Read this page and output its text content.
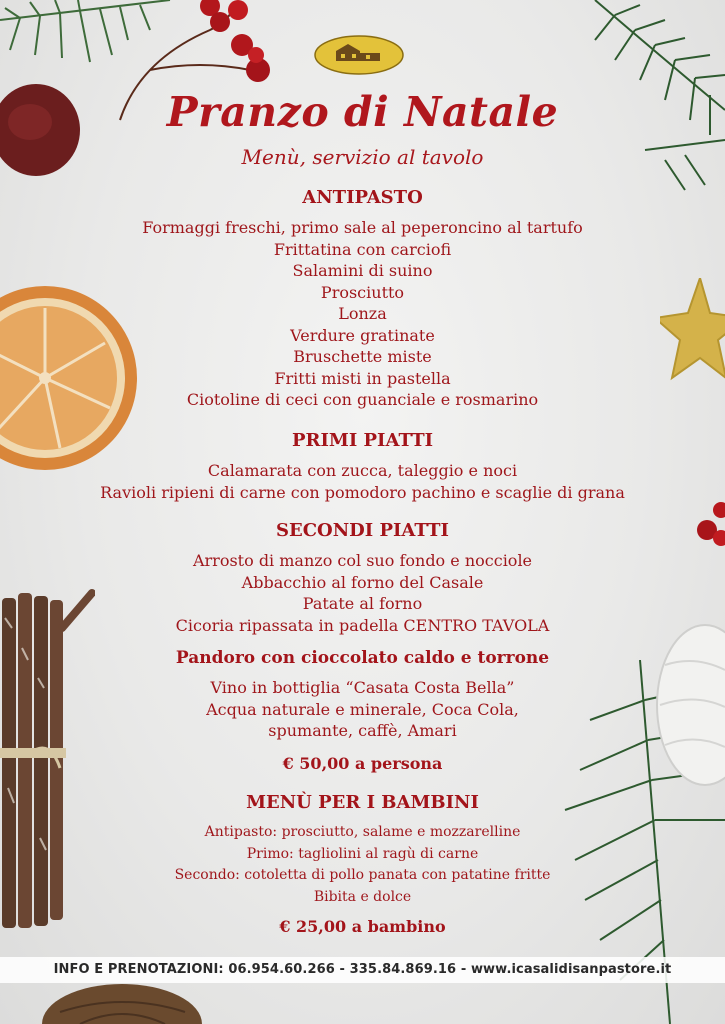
Pranzo di Natale
Menù, servizio al tavolo
ANTIPASTO
Formaggi freschi, primo sale al peperoncino al tartufo
Frittatina con carciofi
Salamini di suino
Prosciutto
Lonza
Verdure gratinate
Bruschette miste
Fritti misti in pastella
Ciotoline di ceci con guanciale e rosmarino
PRIMI PIATTI
Calamarata con zucca, taleggio e noci
Ravioli ripieni di carne con pomodoro pachino e scaglie di grana
SECONDI PIATTI
Arrosto di manzo col suo fondo e nocciole
Abbacchio al forno del Casale
Patate al forno
Cicoria ripassata in padella CENTRO TAVOLA
Pandoro con cioccolato caldo e torrone
Vino in bottiglia “Casata Costa Bella”
Acqua naturale e minerale, Coca Cola,
spumante, caffè, Amari
€ 50,00 a persona
MENÙ PER I BAMBINI
Antipasto: prosciutto, salame e mozzarelline
Primo: tagliolini al ragù di carne
Secondo: cotoletta di pollo panata con patatine fritte
Bibita e dolce
€ 25,00 a bambino
INFO E PRENOTAZIONI: 06.954.60.266 - 335.84.869.16 - www.icasalidisanpastore.it
